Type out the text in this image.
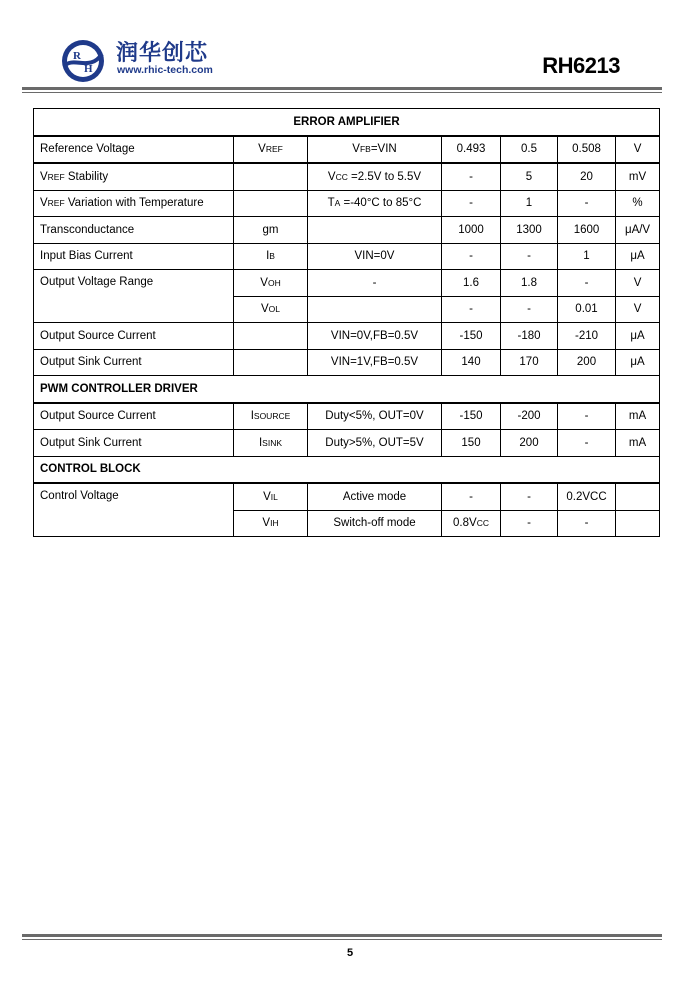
R
H
润华创芯
www.rhic-tech.com	RH6213
ERROR AMPLIFIER						
Reference Voltage	VREF	VFB=VIN	0.493	0.5	0.508	V
VREF Stability		VCC =2.5V to 5.5V	-	5	20	mV
VREF Variation with Temperature		TA =-40°C to 85°C	-	1	-	%
Transconductance	gm		1000	1300	1600	μA/V
Input Bias Current	IB	VIN=0V	-	-	1	μA
Output Voltage Range	VOH	-	1.6	1.8	-	V
	VOL		-	-	0.01	V
Output Source Current		VIN=0V,FB=0.5V	-150	-180	-210	μA
Output Sink Current		VIN=1V,FB=0.5V	140	170	200	μA
PWM CONTROLLER DRIVER						
Output Source Current	ISOURCE	Duty<5%, OUT=0V	-150	-200	-	mA
Output Sink Current	ISINK	Duty>5%, OUT=5V	150	200	-	mA
CONTROL BLOCK						
Control Voltage	VIL	Active mode	-	-	0.2VCC	
	VIH	Switch-off mode	0.8VCC	-	-	
5
